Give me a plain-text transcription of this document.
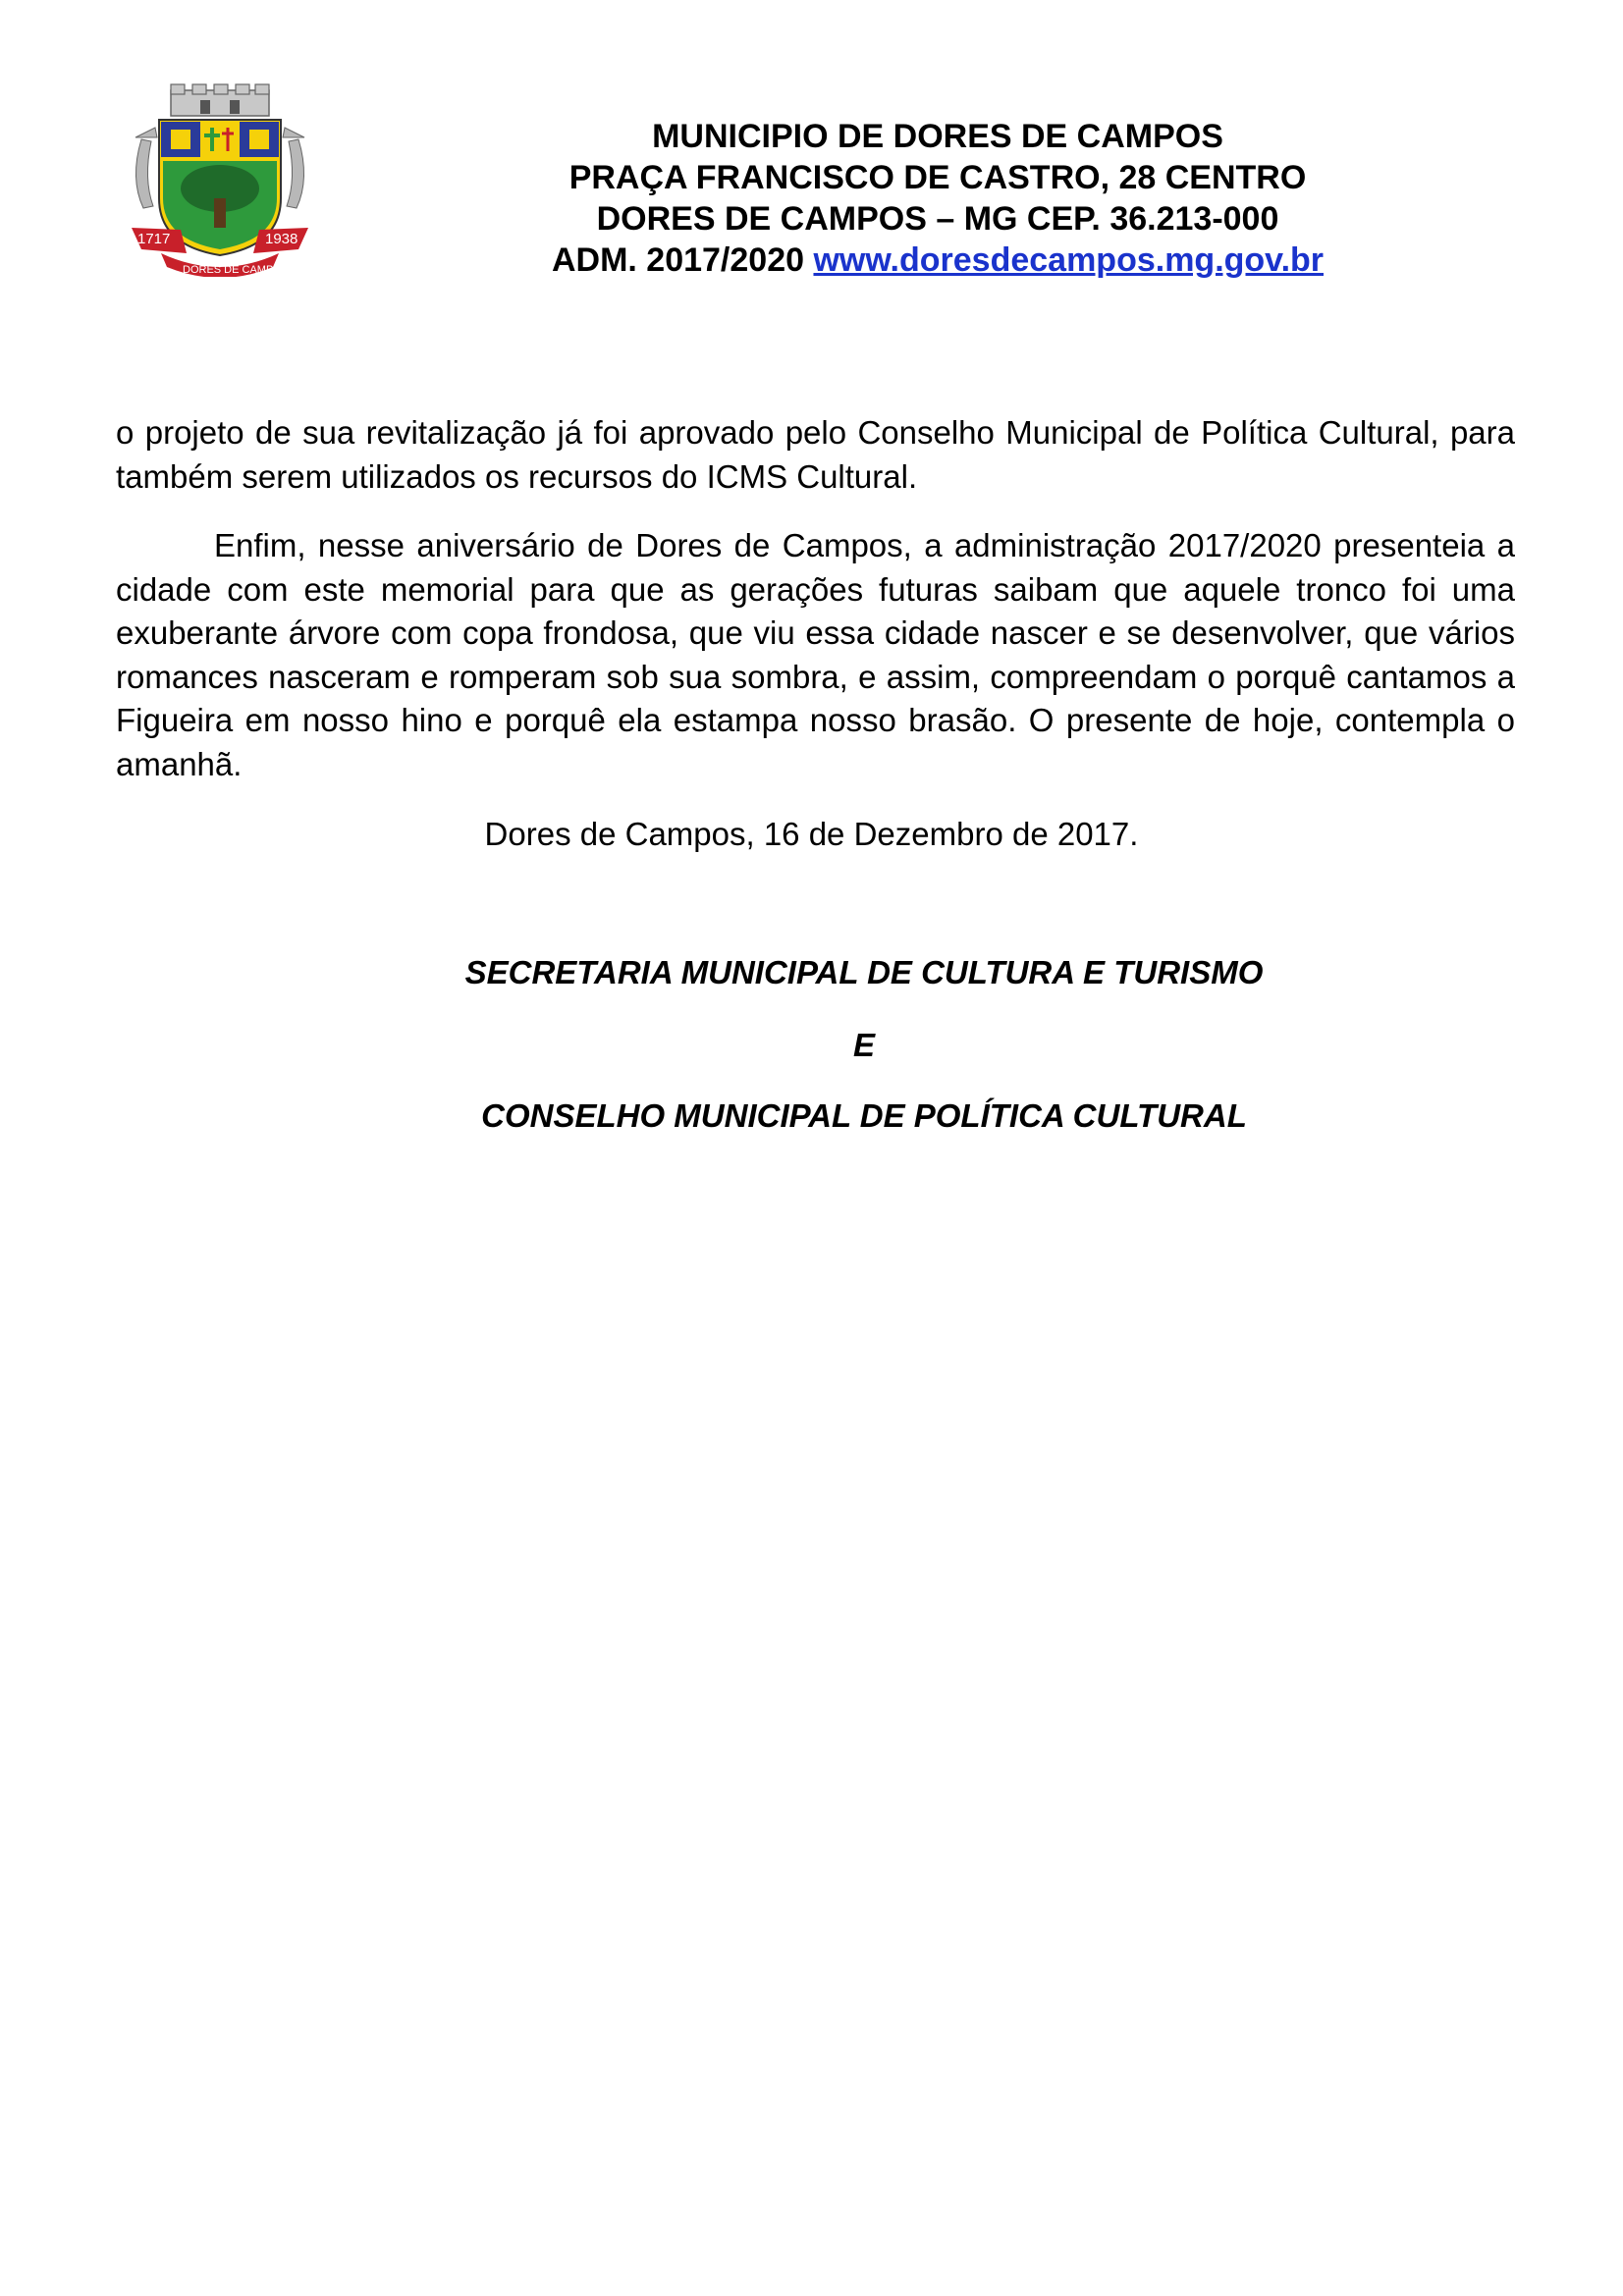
1717	1938
DORES DE CAMPOS
MUNICIPIO DE DORES DE CAMPOS
PRAÇA FRANCISCO DE CASTRO, 28 CENTRO
DORES DE CAMPOS – MG CEP. 36.213-000
ADM. 2017/2020 www.doresdecampos.mg.gov.br

o projeto de sua revitalização já foi aprovado pelo Conselho Municipal de Política Cultural, para também serem utilizados os recursos do ICMS Cultural.

Enfim, nesse aniversário de Dores de Campos, a administração 2017/2020 presenteia a cidade com este memorial para que as gerações futuras saibam que aquele tronco foi uma exuberante árvore com copa frondosa, que viu essa cidade nascer e se desenvolver, que vários romances nasceram e romperam sob sua sombra, e assim, compreendam o porquê cantamos a Figueira em nosso hino e porquê ela estampa nosso brasão. O presente de hoje, contempla o amanhã.

Dores de Campos, 16 de Dezembro de 2017.
SECRETARIA MUNICIPAL DE CULTURA E TURISMO
E
CONSELHO MUNICIPAL DE POLÍTICA CULTURAL
